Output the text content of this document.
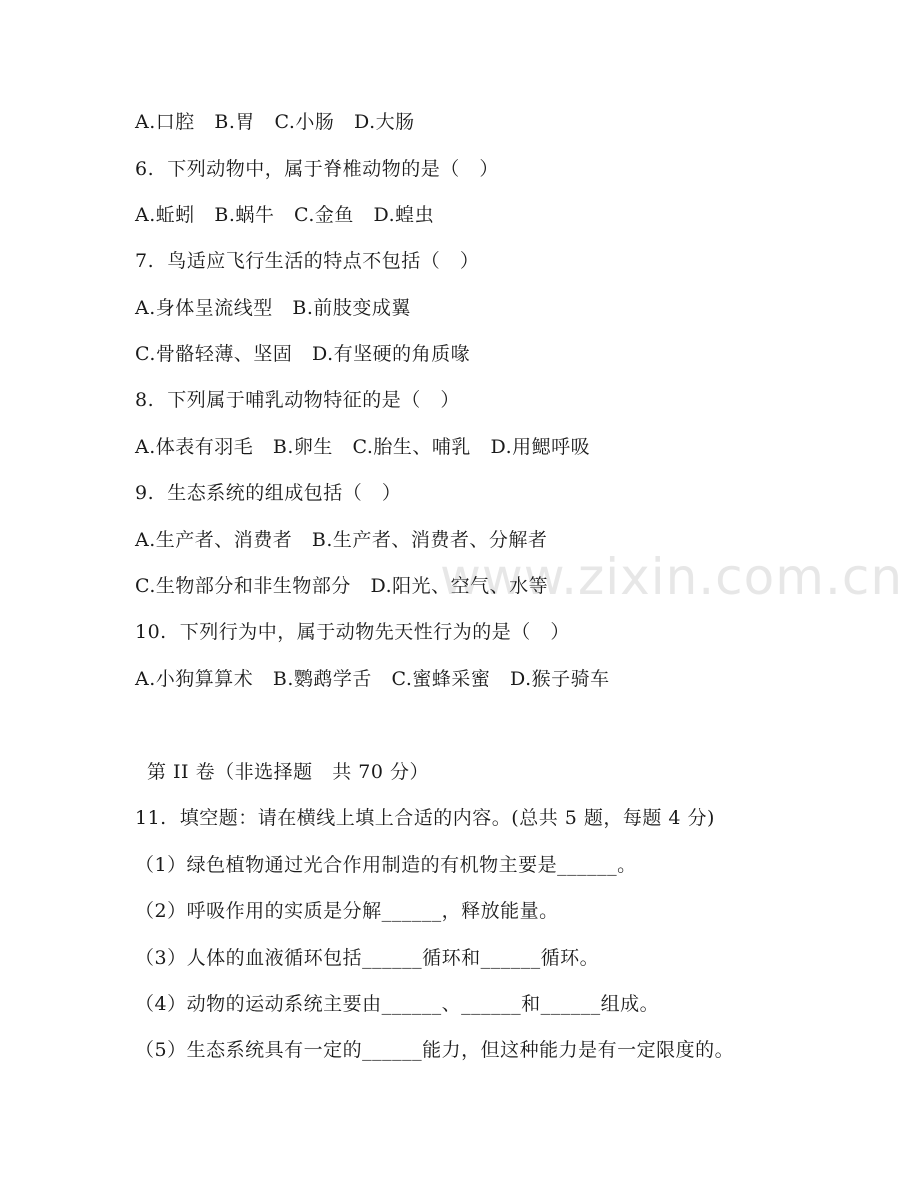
www.zixin.com.cn
A.口腔   B.胃   C.小肠   D.大肠
6.  下列动物中，属于脊椎动物的是（   ）
A.蚯蚓   B.蜗牛   C.金鱼   D.蝗虫
7.  鸟适应飞行生活的特点不包括（   ）
A.身体呈流线型   B.前肢变成翼
C.骨骼轻薄、坚固   D.有坚硬的角质喙
8.  下列属于哺乳动物特征的是（   ）
A.体表有羽毛   B.卵生   C.胎生、哺乳   D.用鳃呼吸
9.  生态系统的组成包括（   ）
A.生产者、消费者   B.生产者、消费者、分解者
C.生物部分和非生物部分   D.阳光、空气、水等
10.  下列行为中，属于动物先天性行为的是（   ）
A.小狗算算术   B.鹦鹉学舌   C.蜜蜂采蜜   D.猴子骑车
第 II 卷（非选择题   共 70 分）
11.  填空题：请在横线上填上合适的内容。(总共 5 题，每题 4 分)
（1）绿色植物通过光合作用制造的有机物主要是______。
（2）呼吸作用的实质是分解______，释放能量。
（3）人体的血液循环包括______循环和______循环。
（4）动物的运动系统主要由______、______和______组成。
（5）生态系统具有一定的______能力，但这种能力是有一定限度的。
